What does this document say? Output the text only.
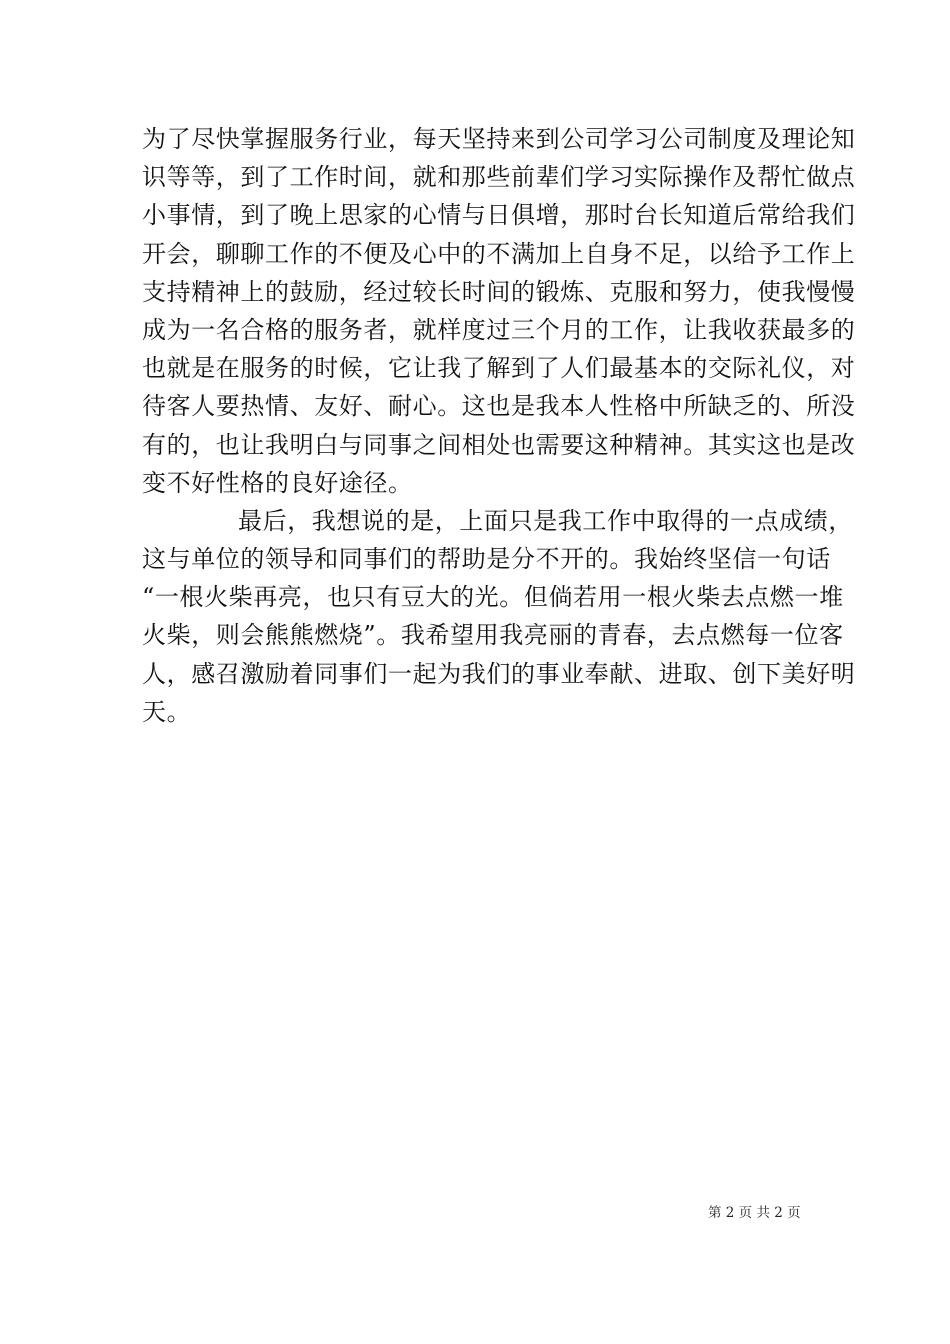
为了尽快掌握服务行业，每天坚持来到公司学习公司制度及理论知
识等等，到了工作时间，就和那些前辈们学习实际操作及帮忙做点
小事情，到了晚上思家的心情与日俱增，那时台长知道后常给我们
开会，聊聊工作的不便及心中的不满加上自身不足，以给予工作上
支持精神上的鼓励，经过较长时间的锻炼、克服和努力，使我慢慢
成为一名合格的服务者，就样度过三个月的工作，让我收获最多的
也就是在服务的时候，它让我了解到了人们最基本的交际礼仪，对
待客人要热情、友好、耐心。这也是我本人性格中所缺乏的、所没
有的，也让我明白与同事之间相处也需要这种精神。其实这也是改
变不好性格的良好途径。
最后，我想说的是，上面只是我工作中取得的一点成绩，
这与单位的领导和同事们的帮助是分不开的。我始终坚信一句话
“一根火柴再亮，也只有豆大的光。但倘若用一根火柴去点燃一堆
火柴，则会熊熊燃烧”。我希望用我亮丽的青春，去点燃每一位客
人，感召激励着同事们一起为我们的事业奉献、进取、创下美好明
天。
第 2 页 共 2 页
